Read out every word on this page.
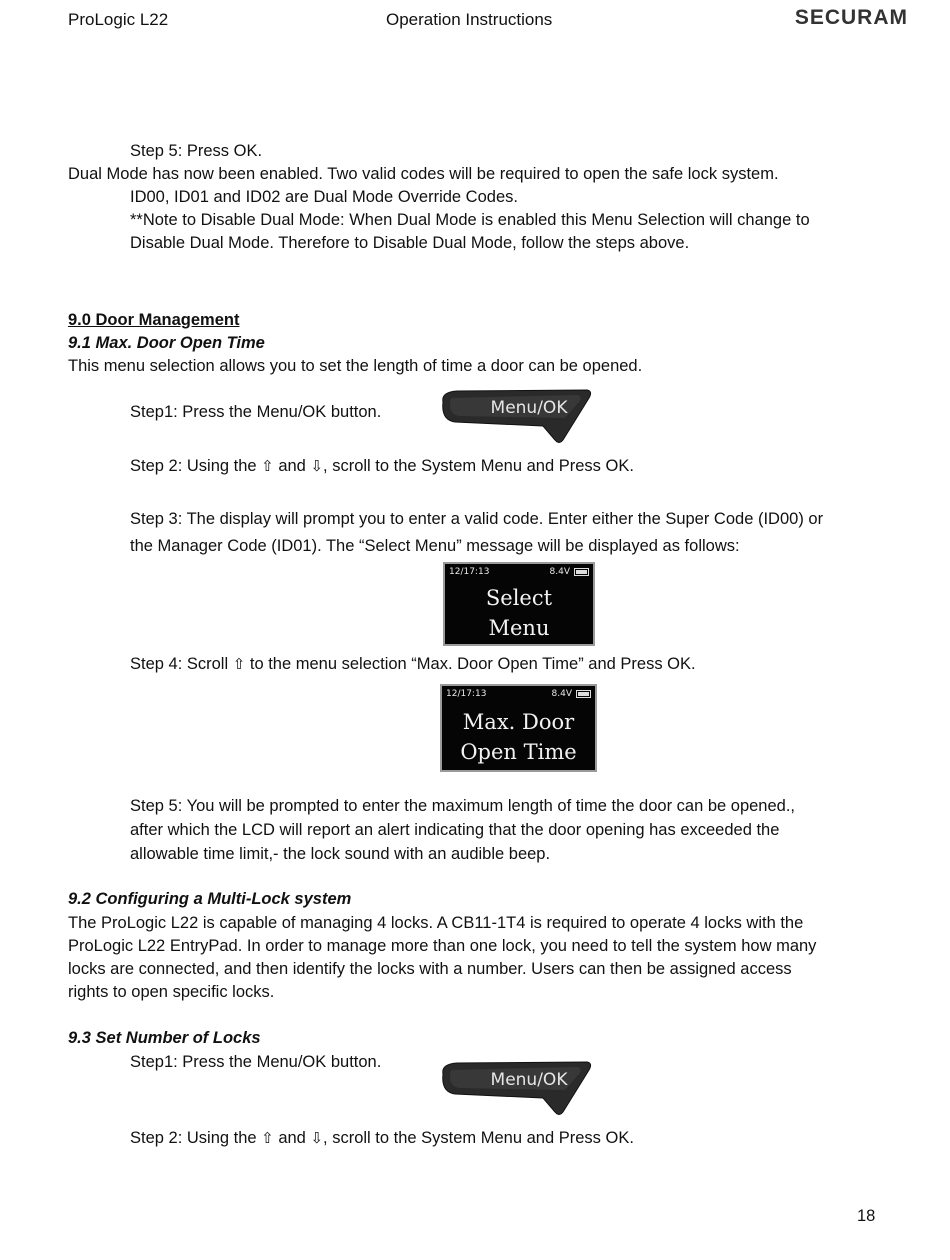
ProLogic L22	Operation Instructions	SECURAM
Step 5: Press OK.
Dual Mode has now been enabled. Two valid codes will be required to open the safe lock system.
ID00, ID01 and ID02 are Dual Mode Override Codes.
**Note to Disable Dual Mode: When Dual Mode is enabled this Menu Selection will change to
Disable Dual Mode. Therefore to Disable Dual Mode, follow the steps above.
9.0 Door Management
9.1 Max. Door Open Time
This menu selection allows you to set the length of time a door can be opened.
Step1: Press the Menu/OK button.	Menu/OK
Step 2: Using the ⇧ and ⇩, scroll to the System Menu and Press OK.
Step 3: The display will prompt you to enter a valid code. Enter either the Super Code (ID00) or
the Manager Code (ID01). The “Select Menu” message will be displayed as follows:
12/17:13	8.4V
Select
Menu
Step 4: Scroll ⇧ to the menu selection “Max. Door Open Time” and Press OK.
12/17:13	8.4V
Max. Door
Open Time
Step 5: You will be prompted to enter the maximum length of time the door can be opened.,
after which the LCD will report an alert indicating that the door opening has exceeded the
allowable time limit,- the lock sound with an audible beep.
9.2 Configuring a Multi-Lock system
The ProLogic L22 is capable of managing 4 locks. A CB11-1T4 is required to operate 4 locks with the
ProLogic L22 EntryPad. In order to manage more than one lock, you need to tell the system how many
locks are connected, and then identify the locks with a number. Users can then be assigned access
rights to open specific locks.
9.3 Set Number of Locks
Step1: Press the Menu/OK button.
Menu/OK
Step 2: Using the ⇧ and ⇩, scroll to the System Menu and Press OK.
18
